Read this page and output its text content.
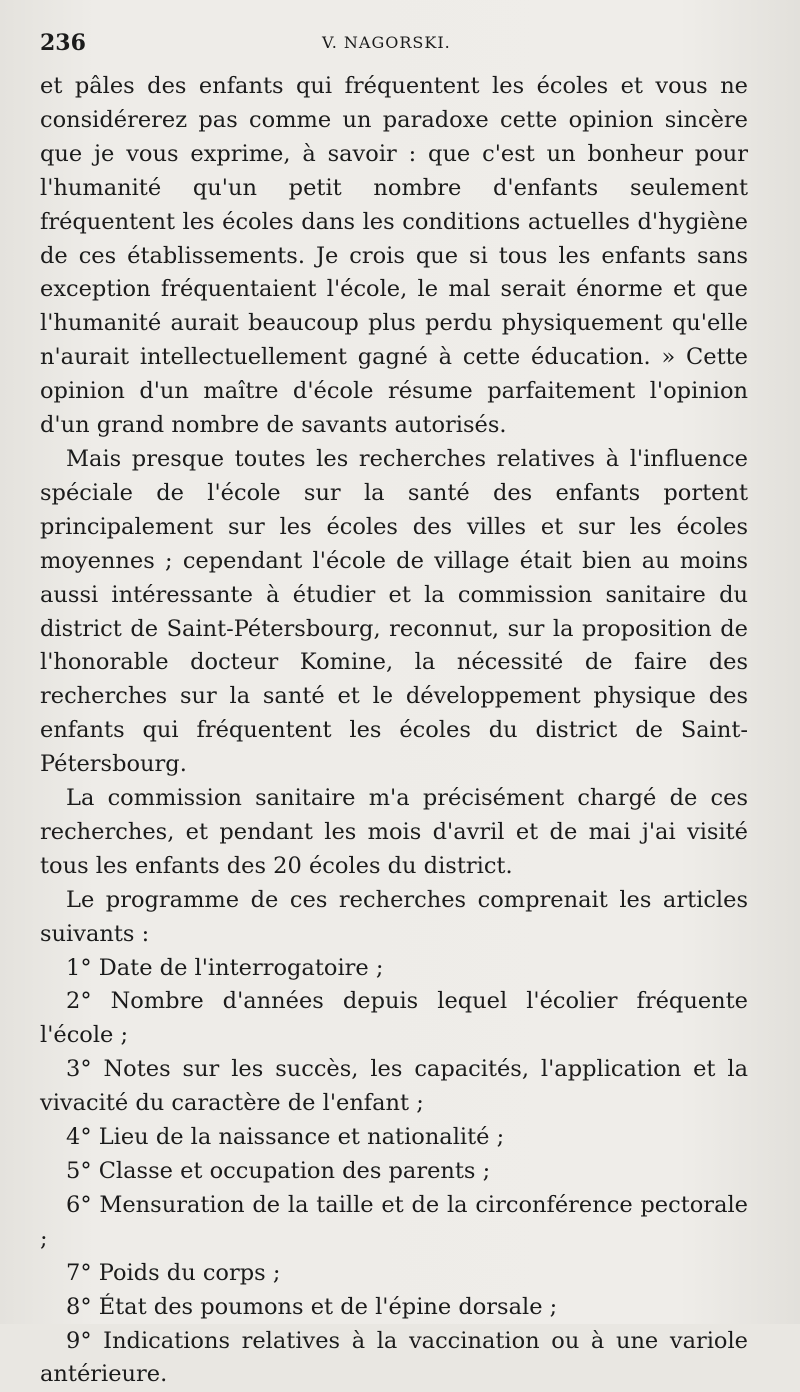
236	V. NAGORSKI.

et pâles des enfants qui fréquentent les écoles et vous ne considérerez pas comme un paradoxe cette opinion sincère que je vous exprime, à savoir : que c'est un bonheur pour l'humanité qu'un petit nombre d'enfants seulement fréquentent les écoles dans les conditions actuelles d'hygiène de ces établissements. Je crois que si tous les enfants sans exception fréquentaient l'école, le mal serait énorme et que l'humanité aurait beaucoup plus perdu physiquement qu'elle n'aurait intellectuellement gagné à cette éducation. » Cette opinion d'un maître d'école résume parfaitement l'opinion d'un grand nombre de savants autorisés.

Mais presque toutes les recherches relatives à l'influence spéciale de l'école sur la santé des enfants portent principalement sur les écoles des villes et sur les écoles moyennes ; cependant l'école de village était bien au moins aussi intéressante à étudier et la commission sanitaire du district de Saint-Pétersbourg, reconnut, sur la proposition de l'honorable docteur Komine, la nécessité de faire des recherches sur la santé et le développement physique des enfants qui fréquentent les écoles du district de Saint-Pétersbourg.

La commission sanitaire m'a précisément chargé de ces recherches, et pendant les mois d'avril et de mai j'ai visité tous les enfants des 20 écoles du district.

Le programme de ces recherches comprenait les articles suivants :

1° Date de l'interrogatoire ;

2° Nombre d'années depuis lequel l'écolier fréquente l'école ;

3° Notes sur les succès, les capacités, l'application et la vivacité du caractère de l'enfant ;

4° Lieu de la naissance et nationalité ;

5° Classe et occupation des parents ;

6° Mensuration de la taille et de la circonférence pectorale ;

7° Poids du corps ;

8° État des poumons et de l'épine dorsale ;

9° Indications relatives à la vaccination ou à une variole antérieure.
